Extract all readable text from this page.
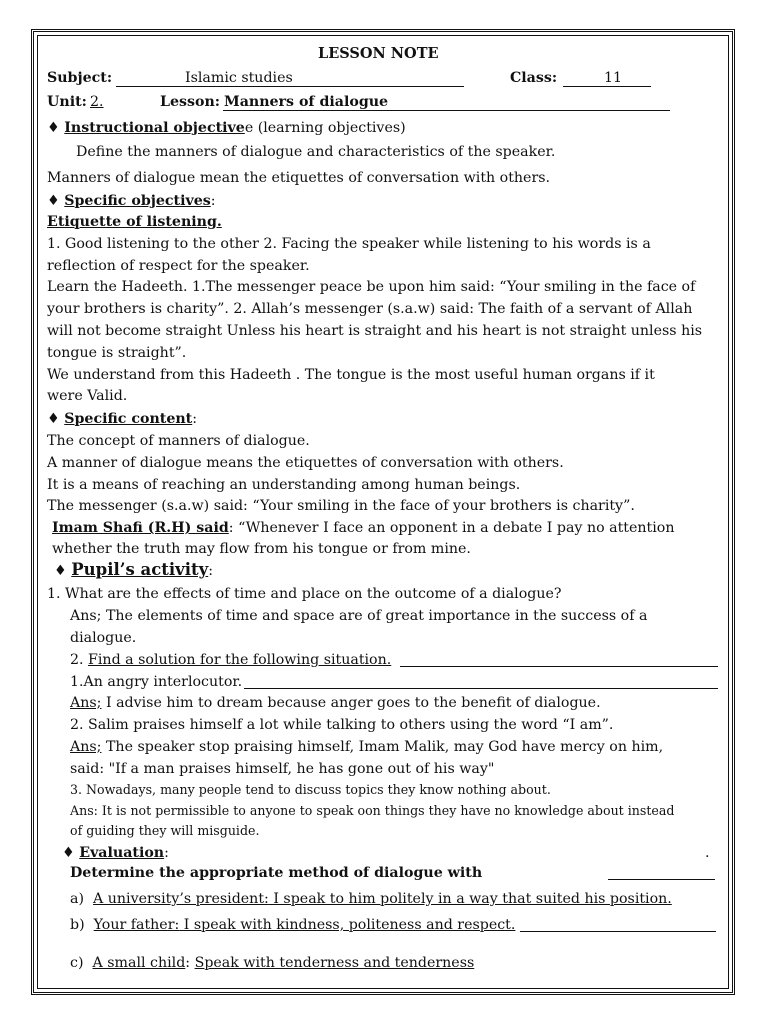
LESSON NOTE
Subject:	Islamic studies	Class:	11
Unit: 2.	Lesson: Manners of dialogue
♦ Instructional objectivee (learning objectives)
Define the manners of dialogue and characteristics of the speaker.
Manners of dialogue mean the etiquettes of conversation with others.
♦ Specific objectives:
Etiquette of listening.
1. Good listening to the other 2. Facing the speaker while listening to his words is a
reflection of respect for the speaker.
Learn the Hadeeth. 1.The messenger peace be upon him said: “Your smiling in the face of
your brothers is charity”. 2. Allah’s messenger (s.a.w) said: The faith of a servant of Allah
will not become straight Unless his heart is straight and his heart is not straight unless his
tongue is straight”.
We understand from this Hadeeth . The tongue is the most useful human organs if it
were Valid.
♦ Specific content:
The concept of manners of dialogue.
A manner of dialogue means the etiquettes of conversation with others.
It is a means of reaching an understanding among human beings.
The messenger (s.a.w) said: “Your smiling in the face of your brothers is charity”.
Imam Shafi (R.H) said: “Whenever I face an opponent in a debate I pay no attention
whether the truth may flow from his tongue or from mine.
♦ Pupil’s activity:
1. What are the effects of time and place on the outcome of a dialogue?
Ans; The elements of time and space are of great importance in the success of a
dialogue.
2. Find a solution for the following situation.
1.An angry interlocutor.
Ans; I advise him to dream because anger goes to the benefit of dialogue.
2. Salim praises himself a lot while talking to others using the word “I am”.
Ans; The speaker stop praising himself, Imam Malik, may God have mercy on him,
said: "If a man praises himself, he has gone out of his way"
3. Nowadays, many people tend to discuss topics they know nothing about.
Ans: It is not permissible to anyone to speak oon things they have no knowledge about instead
of guiding they will misguide.
♦ Evaluation:	.
Determine the appropriate method of dialogue with
a) A university’s president: I speak to him politely in a way that suited his position.
b) Your father: I speak with kindness, politeness and respect.
c) A small child: Speak with tenderness and tenderness
